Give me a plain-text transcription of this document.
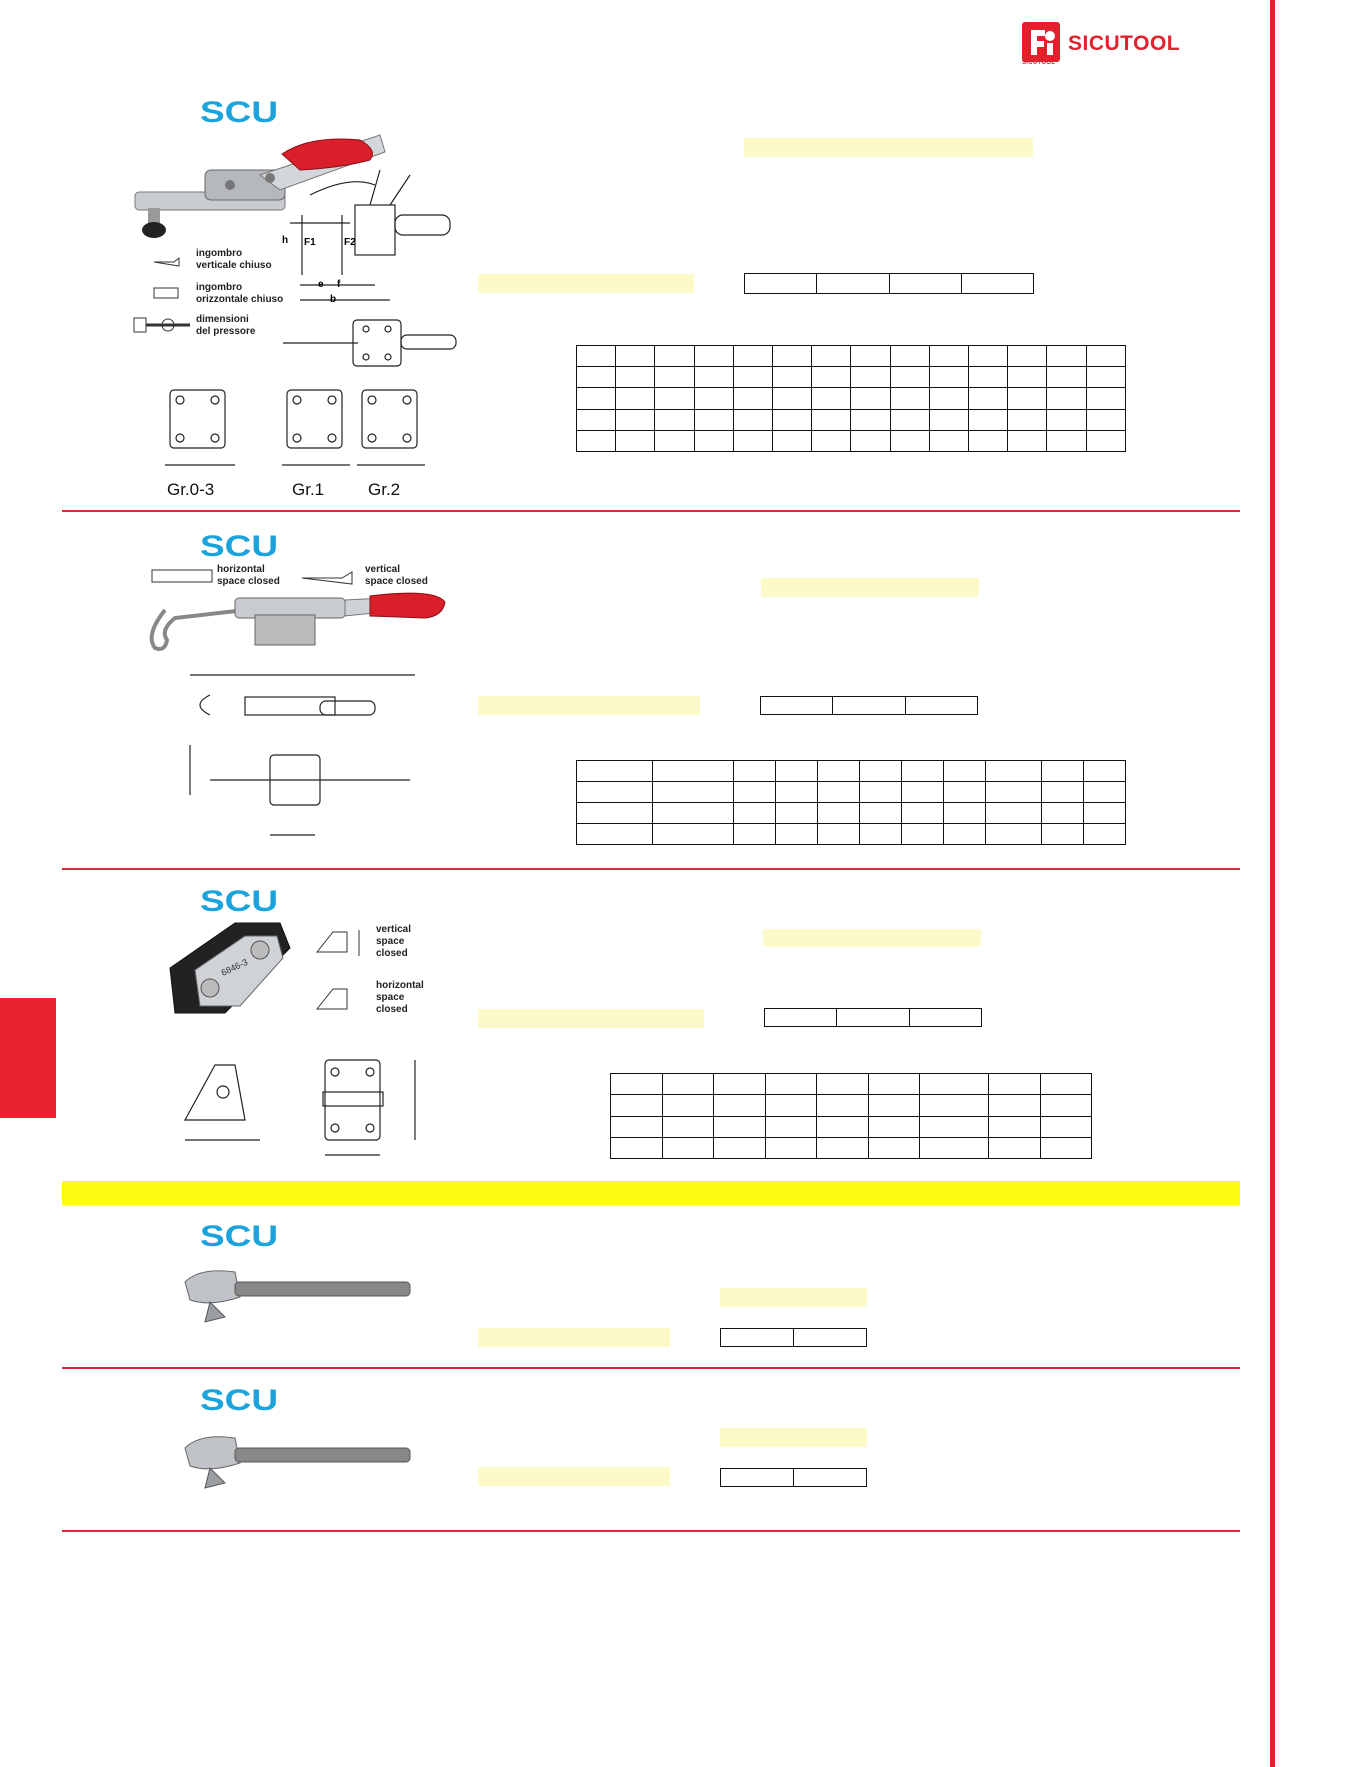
SICUTOOL
SICUTOOL
SCU
e f
b
F1	F2
h
ingombro
verticale chiuso
ingombro
orizzontale chiuso
dimensioni
del pressore
Gr.0-3	Gr.1	Gr.2

SCU
horizontal
space closed
vertical
space closed

SCU
6846-3
vertical
space
closed
horizontal
space
closed

SCU

SCU
